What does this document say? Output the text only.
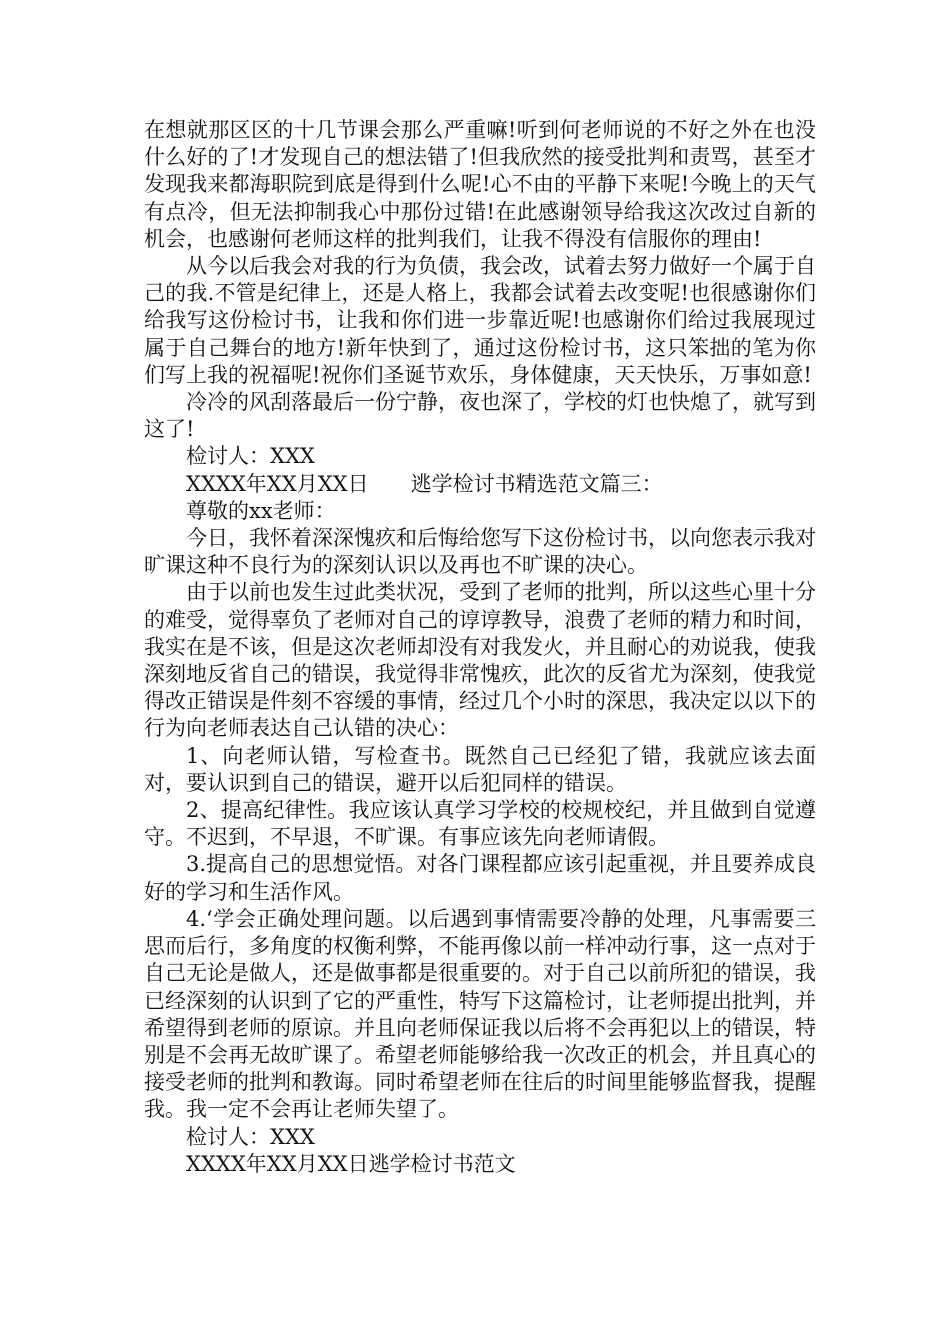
在想就那区区的十几节课会那么严重嘛!听到何老师说的不好之外在也没什么好的了!才发现自己的想法错了!但我欣然的接受批判和责骂，甚至才发现我来都海职院到底是得到什么呢!心不由的平静下来呢!今晚上的天气有点冷，但无法抑制我心中那份过错!在此感谢领导给我这次改过自新的机会，也感谢何老师这样的批判我们，让我不得没有信服你的理由!

从今以后我会对我的行为负债，我会改，试着去努力做好一个属于自己的我.不管是纪律上，还是人格上，我都会试着去改变呢!也很感谢你们给我写这份检讨书，让我和你们进一步靠近呢!也感谢你们给过我展现过属于自己舞台的地方!新年快到了，通过这份检讨书，这只笨拙的笔为你们写上我的祝福呢!祝你们圣诞节欢乐，身体健康，天天快乐，万事如意!

冷冷的风刮落最后一份宁静，夜也深了，学校的灯也快熄了，就写到这了!

检讨人：XXX

XXXX年XX月XX日　　逃学检讨书精选范文篇三：

尊敬的xx老师：

今日，我怀着深深愧疚和后悔给您写下这份检讨书，以向您表示我对旷课这种不良行为的深刻认识以及再也不旷课的决心。

由于以前也发生过此类状况，受到了老师的批判，所以这些心里十分的难受，觉得辜负了老师对自己的谆谆教导，浪费了老师的精力和时间，我实在是不该，但是这次老师却没有对我发火，并且耐心的劝说我，使我深刻地反省自己的错误，我觉得非常愧疚，此次的反省尤为深刻，使我觉得改正错误是件刻不容缓的事情，经过几个小时的深思，我决定以以下的行为向老师表达自己认错的决心：

1、向老师认错，写检查书。既然自己已经犯了错，我就应该去面对，要认识到自己的错误，避开以后犯同样的错误。

2、提高纪律性。我应该认真学习学校的校规校纪，并且做到自觉遵守。不迟到，不早退，不旷课。有事应该先向老师请假。

3.提高自己的思想觉悟。对各门课程都应该引起重视，并且要养成良好的学习和生活作风。

4.‘学会正确处理问题。以后遇到事情需要冷静的处理，凡事需要三思而后行，多角度的权衡利弊，不能再像以前一样冲动行事，这一点对于自己无论是做人，还是做事都是很重要的。对于自己以前所犯的错误，我已经深刻的认识到了它的严重性，特写下这篇检讨，让老师提出批判，并希望得到老师的原谅。并且向老师保证我以后将不会再犯以上的错误，特别是不会再无故旷课了。希望老师能够给我一次改正的机会，并且真心的接受老师的批判和教诲。同时希望老师在往后的时间里能够监督我，提醒我。我一定不会再让老师失望了。

检讨人：XXX

XXXX年XX月XX日逃学检讨书范文
